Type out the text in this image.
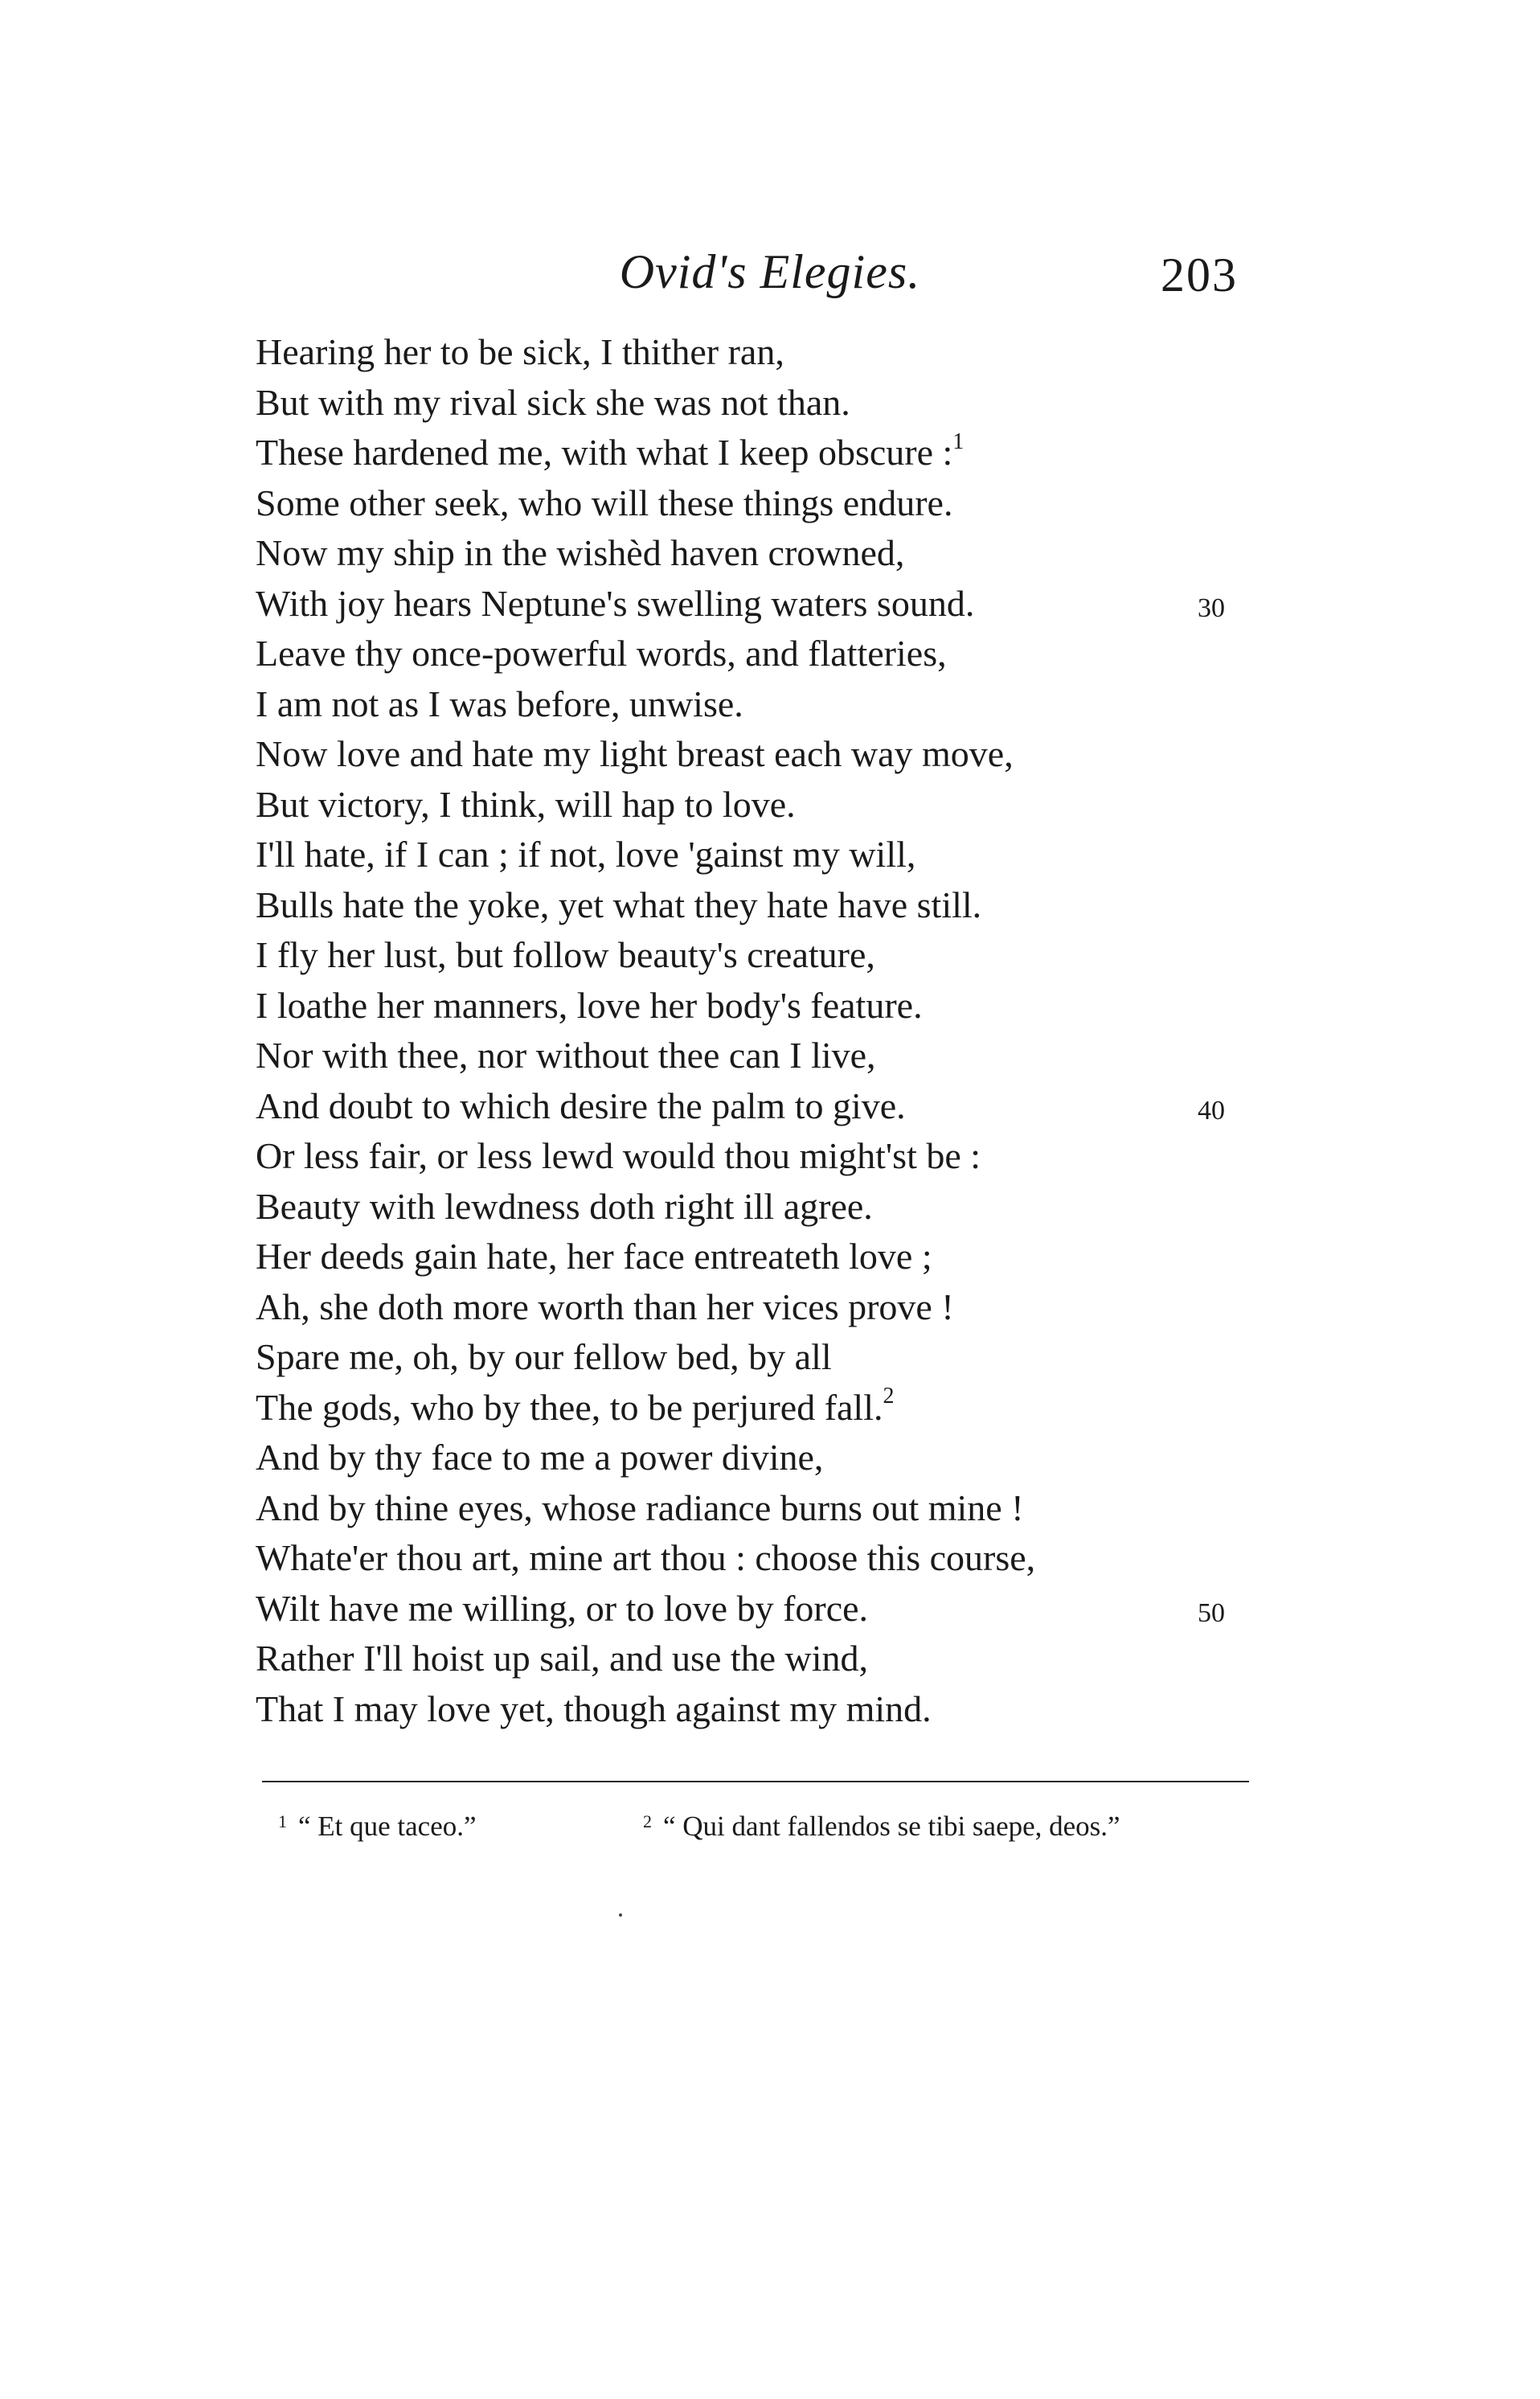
Ovid's Elegies.	203
Hearing her to be sick, I thither ran,
But with my rival sick she was not than.
These hardened me, with what I keep obscure :$^1$
Some other seek, who will these things endure.
Now my ship in the wishèd haven crowned,
With joy hears Neptune's swelling waters sound.	30
Leave thy once-powerful words, and flatteries,
I am not as I was before, unwise.
Now love and hate my light breast each way move,
But victory, I think, will hap to love.
I'll hate, if I can ; if not, love 'gainst my will,
Bulls hate the yoke, yet what they hate have still.
I fly her lust, but follow beauty's creature,
I loathe her manners, love her body's feature.
Nor with thee, nor without thee can I live,
And doubt to which desire the palm to give.	40
Or less fair, or less lewd would thou might'st be :
Beauty with lewdness doth right ill agree.
Her deeds gain hate, her face entreateth love ;
Ah, she doth more worth than her vices prove !
Spare me, oh, by our fellow bed, by all
The gods, who by thee, to be perjured fall.$^2$
And by thy face to me a power divine,
And by thine eyes, whose radiance burns out mine !
Whate'er thou art, mine art thou : choose this course,
Wilt have me willing, or to love by force.	50
Rather I'll hoist up sail, and use the wind,
That I may love yet, though against my mind.
$^1$ “ Et que taceo.”	$^2$ “ Qui dant fallendos se tibi saepe, deos.”
